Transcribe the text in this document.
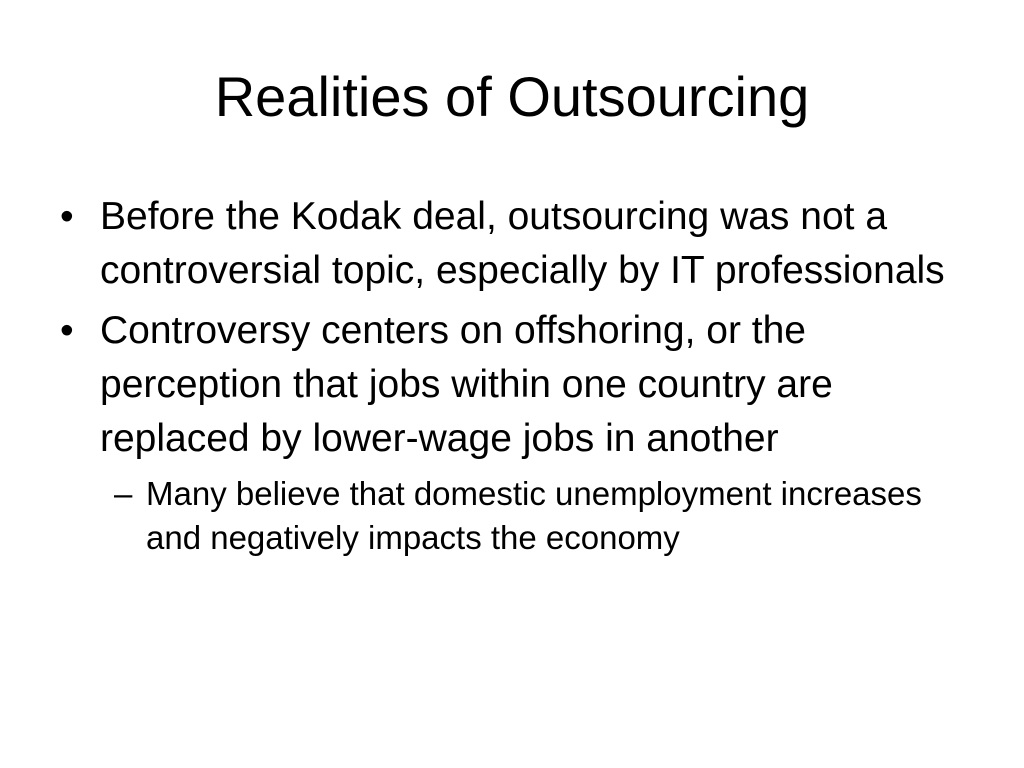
Realities of Outsourcing
• Before the Kodak deal, outsourcing was not a controversial topic, especially by IT professionals
• Controversy centers on offshoring, or the perception that jobs within one country are replaced by lower-wage jobs in another
– Many believe that domestic unemployment increases and negatively impacts the economy
